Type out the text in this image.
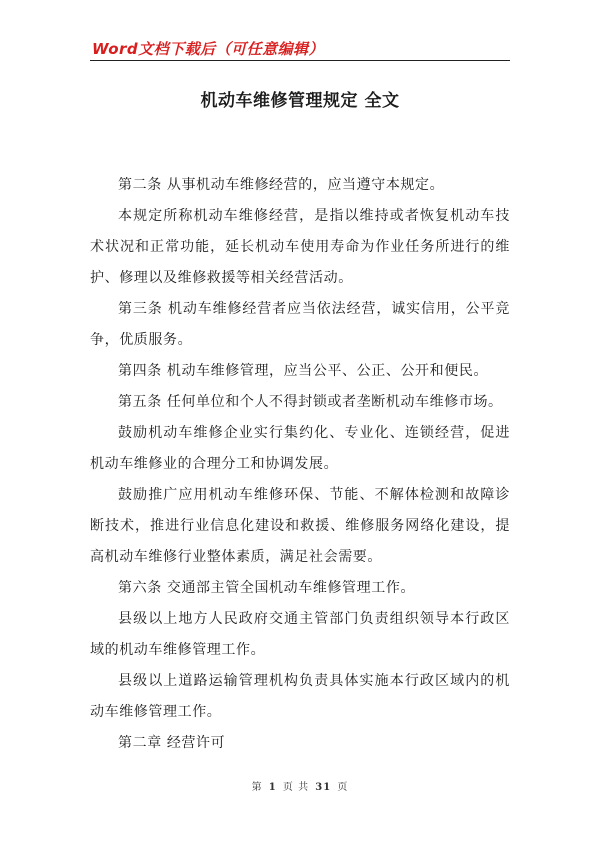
Word文档下载后（可任意编辑）
机动车维修管理规定 全文

第二条 从事机动车维修经营的，应当遵守本规定。

本规定所称机动车维修经营，是指以维持或者恢复机动车技术状况和正常功能，延长机动车使用寿命为作业任务所进行的维护、修理以及维修救援等相关经营活动。

第三条 机动车维修经营者应当依法经营，诚实信用，公平竞争，优质服务。

第四条 机动车维修管理，应当公平、公正、公开和便民。

第五条 任何单位和个人不得封锁或者垄断机动车维修市场。

鼓励机动车维修企业实行集约化、专业化、连锁经营，促进机动车维修业的合理分工和协调发展。

鼓励推广应用机动车维修环保、节能、不解体检测和故障诊断技术，推进行业信息化建设和救援、维修服务网络化建设，提高机动车维修行业整体素质，满足社会需要。

第六条 交通部主管全国机动车维修管理工作。

县级以上地方人民政府交通主管部门负责组织领导本行政区域的机动车维修管理工作。

县级以上道路运输管理机构负责具体实施本行政区域内的机动车维修管理工作。

第二章 经营许可

第 1 页 共 31 页
